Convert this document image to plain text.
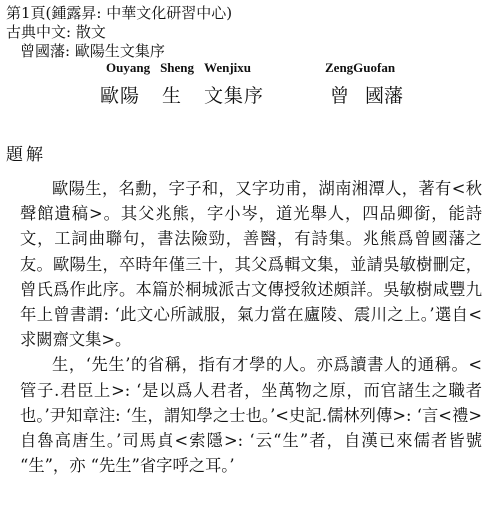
第1頁(鍾露昇: 中華文化研習中心)
古典中文: 散文
曾國藩: 歐陽生文集序
Ouyang Sheng Wenjixu
歐陽 生 文集序
ZengGuofan
曾 國藩
題解

歐陽生，名勳，字子和，又字功甫，湖南湘潭人，著有<秋聲館遺稿>。其父兆熊，字小岑，道光舉人，四品卿銜，能詩文，工詞曲聯句，書法險勁，善醫，有詩集。兆熊爲曾國藩之友。歐陽生，卒時年僅三十，其父爲輯文集，並請吳敏樹刪定，曾氏爲作此序。本篇於桐城派古文傳授敘述頗詳。吳敏樹咸豐九年上曾書謂: ‘此文心所誠服，氣力當在廬陵、震川之上。’選自<求闕齋文集>。

生，‘先生’的省稱，指有才學的人。亦爲讀書人的通稱。<管子.君臣上>: ‘是以爲人君者，坐萬物之原，而官諸生之職者也。’尹知章注: ‘生，謂知學之士也。’<史記.儒林列傳>: ‘言<禮>自魯高唐生。’司馬貞<索隱>: ‘云“生”者，自漢已來儒者皆號 “生”，亦 “先生”省字呼之耳。’
